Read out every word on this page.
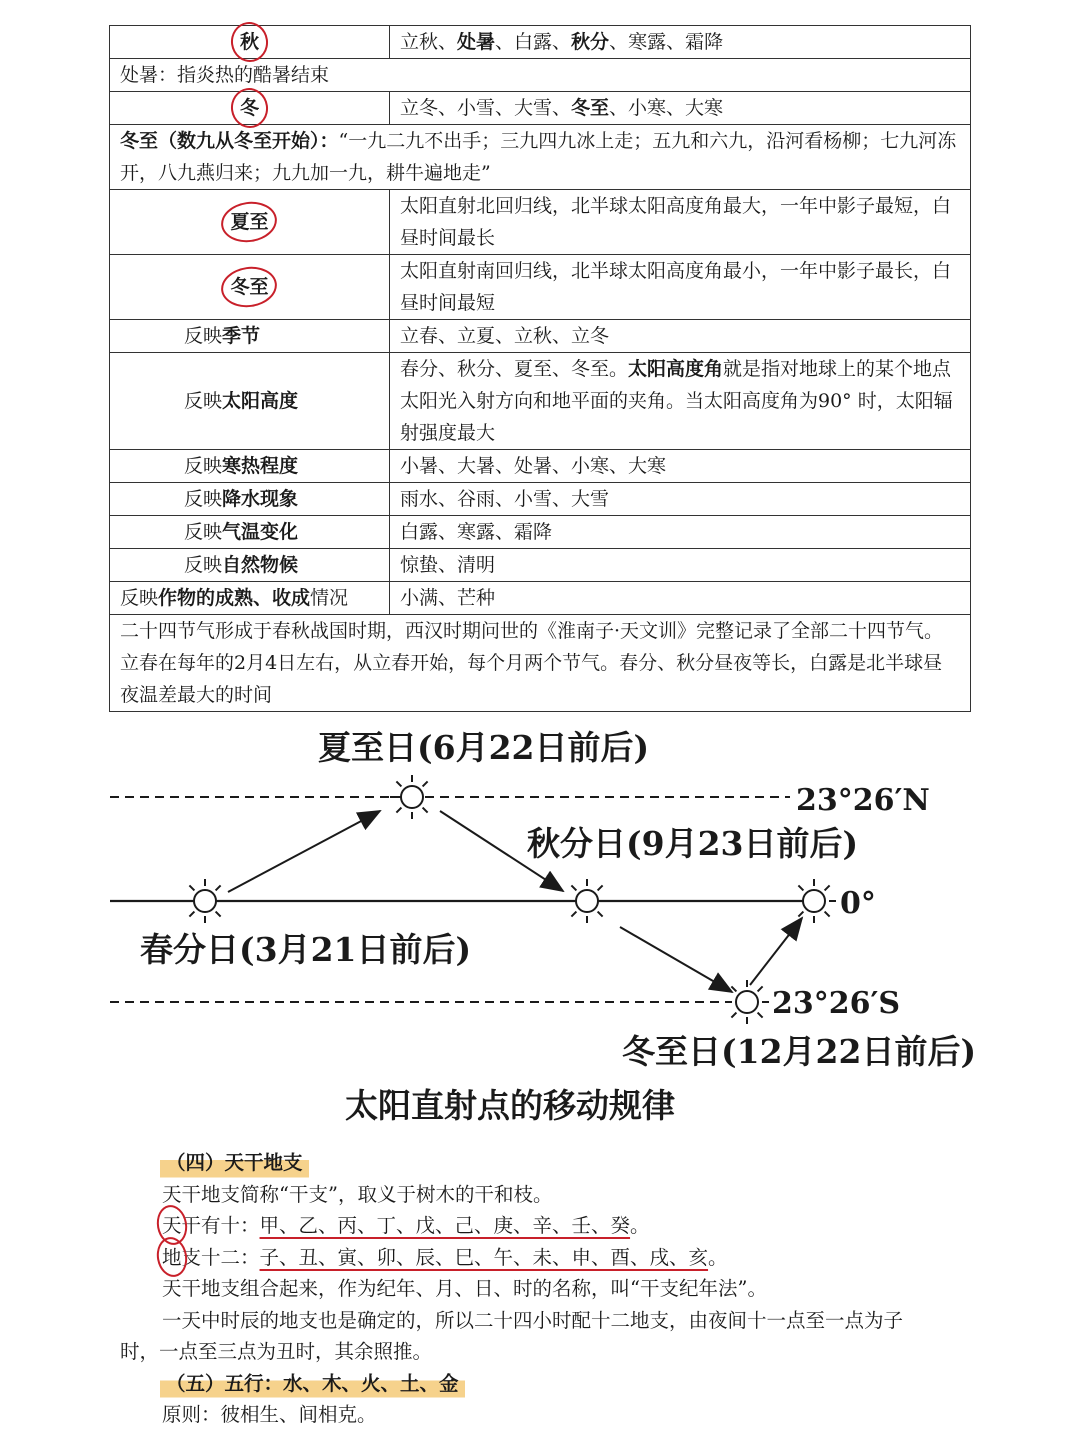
秋	立秋、处暑、白露、秋分、寒露、霜降
处暑：指炎热的酷暑结束	
冬	立冬、小雪、大雪、冬至、小寒、大寒
冬至（数九从冬至开始）：“一九二九不出手；三九四九冰上走；五九和六九，沿河看杨柳；七九河冻开，八九燕归来；九九加一九，耕牛遍地走”	
夏至	太阳直射北回归线，北半球太阳高度角最大，一年中影子最短，白昼时间最长
冬至	太阳直射南回归线，北半球太阳高度角最小，一年中影子最长，白昼时间最短
反映季节	立春、立夏、立秋、立冬
反映太阳高度	春分、秋分、夏至、冬至。太阳高度角就是指对地球上的某个地点太阳光入射方向和地平面的夹角。当太阳高度角为90° 时，太阳辐射强度最大
反映寒热程度	小暑、大暑、处暑、小寒、大寒
反映降水现象	雨水、谷雨、小雪、大雪
反映气温变化	白露、寒露、霜降
反映自然物候	惊蛰、清明
反映作物的成熟、收成情况	小满、芒种
二十四节气形成于春秋战国时期，西汉时期问世的《淮南子·天文训》完整记录了全部二十四节气。立春在每年的2月4日左右，从立春开始，每个月两个节气。春分、秋分昼夜等长，白露是北半球昼夜温差最大的时间	
夏至日(6月22日前后)
秋分日(9月23日前后)
春分日(3月21日前后)
冬至日(12月22日前后)
23°26′N
0°
23°26′S
太阳直射点的移动规律
（四）天干地支
天干地支简称“干支”，取义于树木的干和枝。
天干有十：甲、乙、丙、丁、戊、己、庚、辛、壬、癸。
地支十二：子、丑、寅、卯、辰、巳、午、未、申、酉、戌、亥。
天干地支组合起来，作为纪年、月、日、时的名称，叫“干支纪年法”。
一天中时辰的地支也是确定的，所以二十四小时配十二地支，由夜间十一点至一点为子
时，一点至三点为丑时，其余照推。
（五）五行：水、木、火、土、金
原则：彼相生、间相克。
